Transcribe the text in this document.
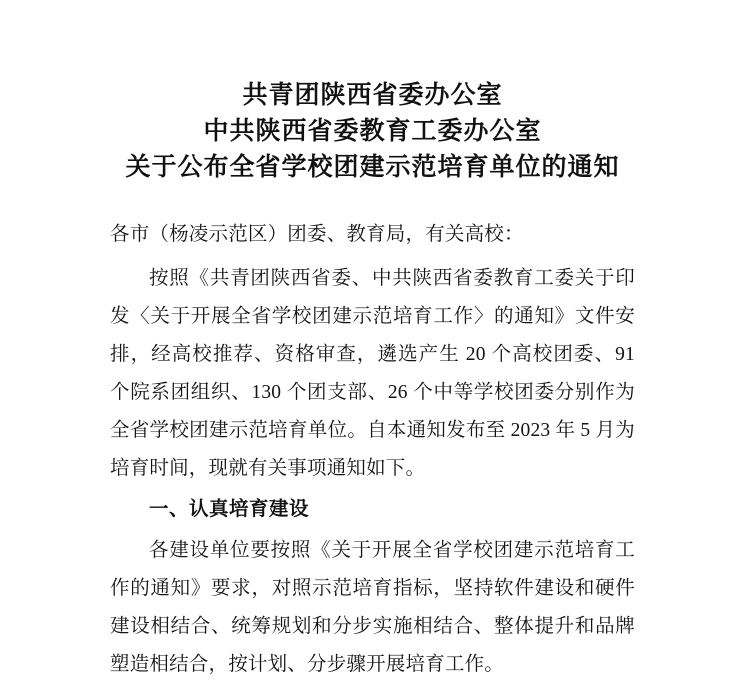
共青团陕西省委办公室
中共陕西省委教育工委办公室
关于公布全省学校团建示范培育单位的通知

各市（杨凌示范区）团委、教育局，有关高校：

按照《共青团陕西省委、中共陕西省委教育工委关于印发〈关于开展全省学校团建示范培育工作〉的通知》文件安排，经高校推荐、资格审查，遴选产生 20 个高校团委、91 个院系团组织、130 个团支部、26 个中等学校团委分别作为全省学校团建示范培育单位。自本通知发布至 2023 年 5 月为培育时间，现就有关事项通知如下。

一、认真培育建设

各建设单位要按照《关于开展全省学校团建示范培育工作的通知》要求，对照示范培育指标，坚持软件建设和硬件建设相结合、统筹规划和分步实施相结合、整体提升和品牌塑造相结合，按计划、分步骤开展培育工作。
